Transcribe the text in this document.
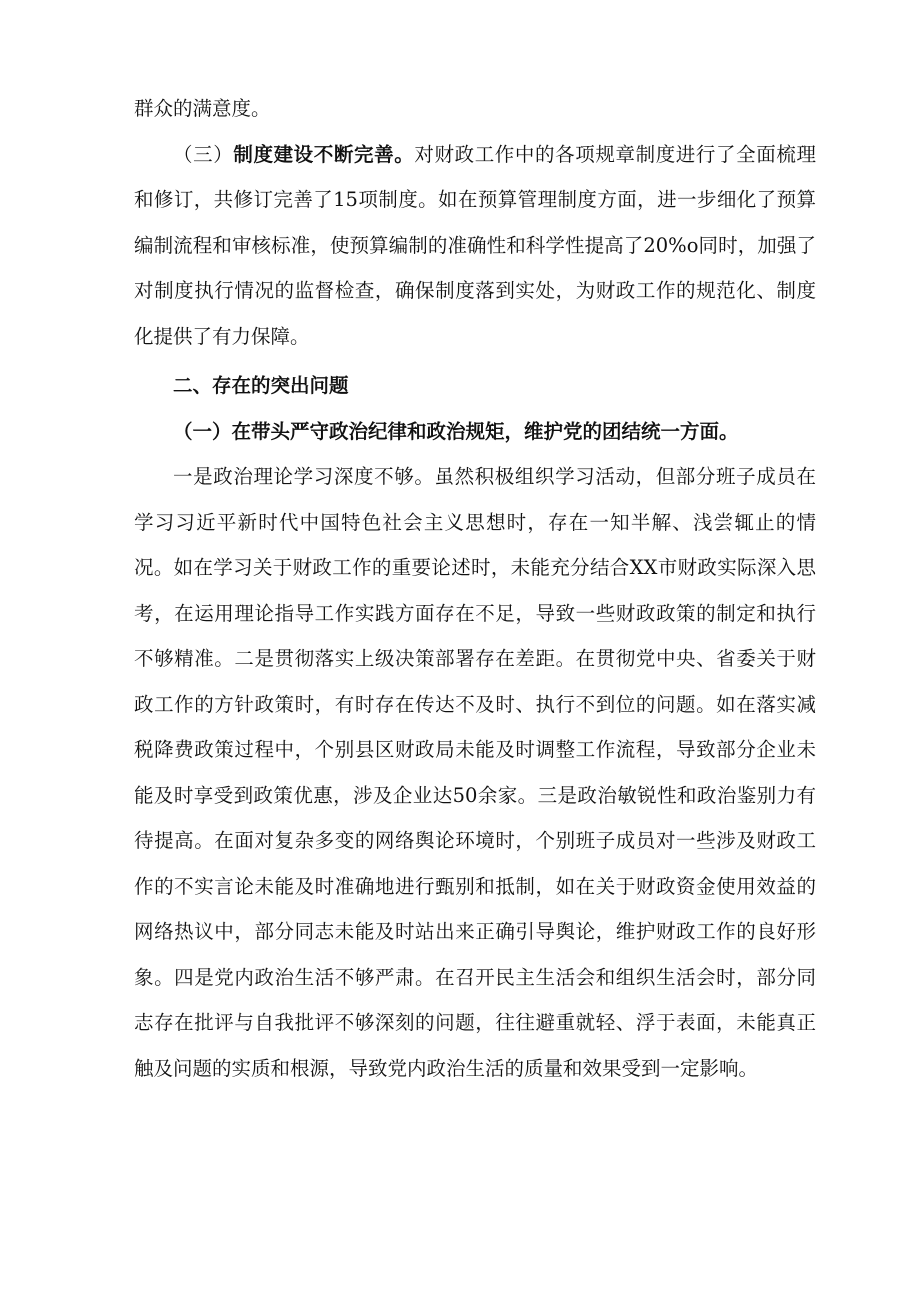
群众的满意度。

（三）制度建设不断完善。对财政工作中的各项规章制度进行了全面梳理和修订，共修订完善了15项制度。如在预算管理制度方面，进一步细化了预算编制流程和审核标准，使预算编制的准确性和科学性提高了20%o同时，加强了对制度执行情况的监督检查，确保制度落到实处，为财政工作的规范化、制度化提供了有力保障。

二、存在的突出问题

（一）在带头严守政治纪律和政治规矩，维护党的团结统一方面。

一是政治理论学习深度不够。虽然积极组织学习活动，但部分班子成员在学习习近平新时代中国特色社会主义思想时，存在一知半解、浅尝辄止的情况。如在学习关于财政工作的重要论述时，未能充分结合XX市财政实际深入思考，在运用理论指导工作实践方面存在不足，导致一些财政政策的制定和执行不够精准。二是贯彻落实上级决策部署存在差距。在贯彻党中央、省委关于财政工作的方针政策时，有时存在传达不及时、执行不到位的问题。如在落实减税降费政策过程中，个别县区财政局未能及时调整工作流程，导致部分企业未能及时享受到政策优惠，涉及企业达50余家。三是政治敏锐性和政治鉴别力有待提高。在面对复杂多变的网络舆论环境时，个别班子成员对一些涉及财政工作的不实言论未能及时准确地进行甄别和抵制，如在关于财政资金使用效益的网络热议中，部分同志未能及时站出来正确引导舆论，维护财政工作的良好形象。四是党内政治生活不够严肃。在召开民主生活会和组织生活会时，部分同志存在批评与自我批评不够深刻的问题，往往避重就轻、浮于表面，未能真正触及问题的实质和根源，导致党内政治生活的质量和效果受到一定影响。
